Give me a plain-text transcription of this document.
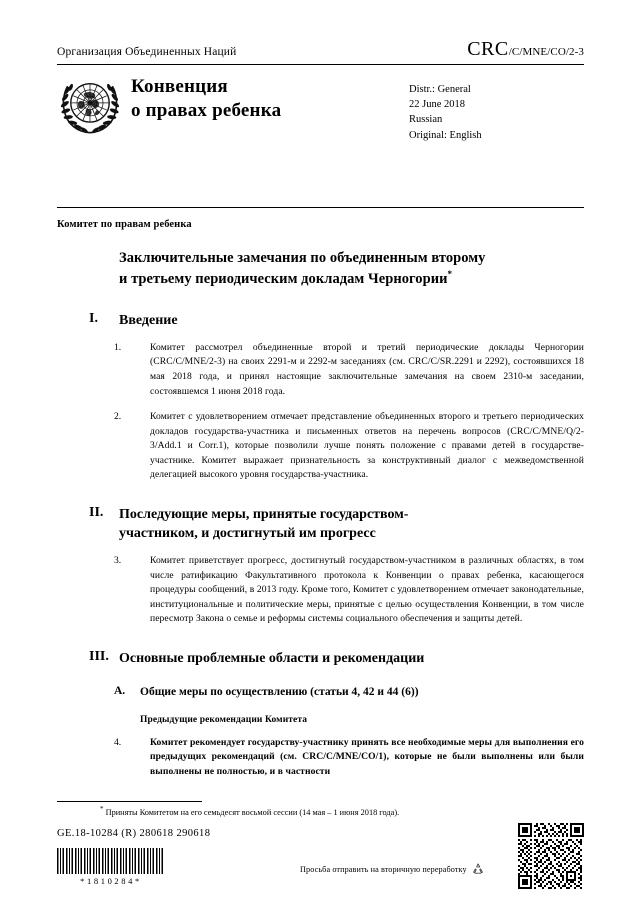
Организация Объединенных Наций	CRC /C/MNE/CO/2-3
Конвенция
о правах ребенка
Distr.: General
22 June 2018
Russian
Original: English
Комитет по правам ребенка
Заключительные замечания по объединенным второму
и третьему периодическим докладам Черногории*
I.	Введение
1.	Комитет рассмотрел объединенные второй и третий периодические доклады Черногории (CRC/C/MNE/2-3) на своих 2291-м и 2292-м заседаниях (см. CRC/C/SR.2291 и 2292), состоявшихся 18 мая 2018 года, и принял настоящие заключительные замечания на своем 2310-м заседании, состоявшемся 1 июня 2018 года.
2.	Комитет с удовлетворением отмечает представление объединенных второго и третьего периодических докладов государства-участника и письменных ответов на перечень вопросов (CRC/C/MNE/Q/2-3/Add.1 и Corr.1), которые позволили лучше понять положение с правами детей в государстве-участнике. Комитет выражает признательность за конструктивный диалог с межведомственной делегацией высокого уровня государства-участника.
II.	Последующие меры, принятые государством-
участником, и достигнутый им прогресс
3.	Комитет приветствует прогресс, достигнутый государством-участником в различных областях, в том числе ратификацию Факультативного протокола к Конвенции о правах ребенка, касающегося процедуры сообщений, в 2013 году. Кроме того, Комитет с удовлетворением отмечает законодательные, институциональные и политические меры, принятые с целью осуществления Конвенции, в том числе пересмотр Закона о семье и реформы системы социального обеспечения и защиты детей.
III. Основные проблемные области и рекомендации
A.	Общие меры по осуществлению (статьи 4, 42 и 44 (6))
Предыдущие рекомендации Комитета
4.	Комитет рекомендует государству-участнику принять все необходимые меры для выполнения его предыдущих рекомендаций (см. CRC/C/MNE/CO/1), которые не были выполнены или были выполнены не полностью, и в частности
* Приняты Комитетом на его семьдесят восьмой сессии (14 мая – 1 июня 2018 года).
GE.18-10284 (R) 280618 290618
*1810284*
Просьба отправить на вторичную переработку
